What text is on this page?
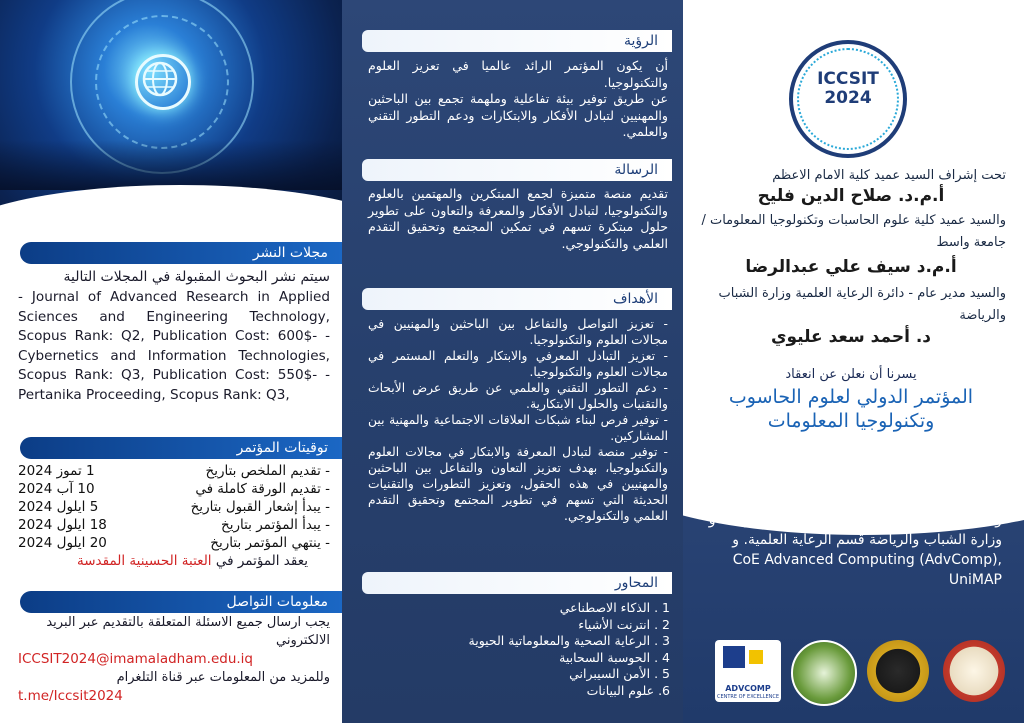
مجلات النشر
سيتم نشر البحوث المقبولة في المجلات التالية
- Journal of Advanced Research in Applied Sciences and Engineering Technology, Scopus Rank: Q2, Publication Cost: 600$- -Cybernetics and Information Technologies, Scopus Rank: Q3, Publication Cost: 550$- - Pertanika Proceeding, Scopus Rank: Q3,
توقيتات المؤتمر
- تقديم الملخص بتاريخ
1 تموز 2024
- تقديم الورقة كاملة في
10 آب 2024
- يبدأ إشعار القبول بتاريخ
5 ايلول 2024
- يبدأ المؤتمر بتاريخ
18 ايلول 2024
- ينتهي المؤتمر بتاريخ
20 ايلول 2024
يعقد المؤتمر في العتبة الحسينية المقدسة
معلومات التواصل
يجب ارسال جميع الاسئلة المتعلقة بالتقديم عبر البريد الالكتروني
ICCSIT2024@imamaladham.edu.iq
وللمزيد من المعلومات عبر قناة التلغرام
t.me/Iccsit2024
الرؤية
أن يكون المؤتمر الرائد عالميا في تعزيز العلوم والتكنولوجيا.
عن طريق توفير بيئة تفاعلية وملهمة تجمع بين الباحثين والمهنيين لتبادل الأفكار والابتكارات ودعم التطور التقني والعلمي.
الرسالة
تقديم منصة متميزة لجمع المبتكرين والمهتمين بالعلوم والتكنولوجيا، لتبادل الأفكار والمعرفة والتعاون على تطوير حلول مبتكرة تسهم في تمكين المجتمع وتحقيق التقدم العلمي والتكنولوجي.
الأهداف
- تعزيز التواصل والتفاعل بين الباحثين والمهنيين في مجالات العلوم والتكنولوجيا.
- تعزيز التبادل المعرفي والابتكار والتعلم المستمر في مجالات العلوم والتكنولوجيا.
- دعم التطور التقني والعلمي عن طريق عرض الأبحاث والتقنيات والحلول الابتكارية.
- توفير فرص لبناء شبكات العلاقات الاجتماعية والمهنية بين المشاركين.
- توفير منصة لتبادل المعرفة والابتكار في مجالات العلوم والتكنولوجيا، بهدف تعزيز التعاون والتفاعل بين الباحثين والمهنيين في هذه الحقول، وتعزيز التطورات والتقنيات الحديثة التي تسهم في تطوير المجتمع وتحقيق التقدم العلمي والتكنولوجي.
المحاور
1 . الذكاء الاصطناعي
2 . انترنت الأشياء
3 . الرعاية الصحية والمعلوماتية الحيوية
4 . الحوسبة السحابية
5 . الأمن السيبراني
6. علوم البيانات
ICCSIT
2024
تحت إشراف السيد عميد كلية الامام الاعظم
أ.م.د. صلاح الدين فليح
والسيد عميد كلية علوم الحاسبات وتكنولوجيا المعلومات /جامعة واسط
أ.م.د سيف علي عبدالرضا
والسيد مدير عام - دائرة الرعاية العلمية وزارة الشباب والرياضة
د. أحمد سعد عليوي
يسرنا أن نعلن عن انعقاد
المؤتمر الدولي لعلوم الحاسوب
وتكنولوجيا المعلومات
الذي تنظمه كلية الإمام الأعظم الجامعة وجامعة واسط/كلية علوم الحاسوب وتكنولوجيا المعلومات و وزارة الشباب والرياضة قسم الرعاية العلمية. و CoE Advanced Computing (AdvComp), UniMAP
ADVCOMP
CENTRE OF EXCELLENCE
